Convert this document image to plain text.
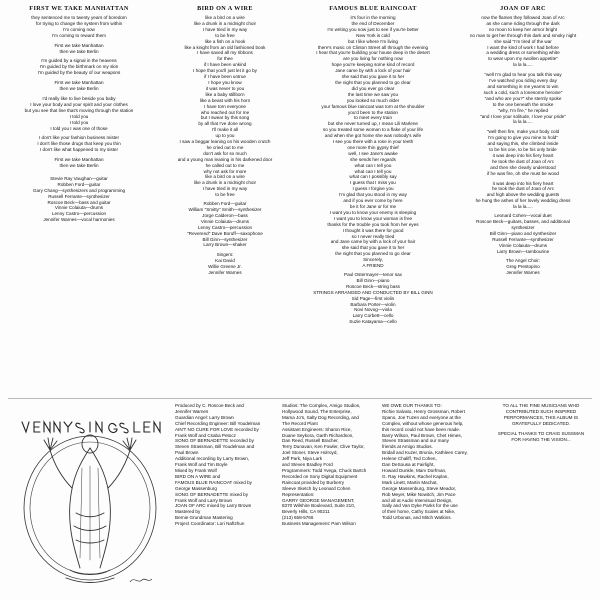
FIRST WE TAKE MANHATTAN
they sentenced me to twenty years of boredom
for trying to change the system from within
I'm coming now
I'm coming to reward them
First we take Manhattan
then we take Berlin
I'm guided by a signal in the heavens
I'm guided by the birthmark on my skin
I'm guided by the beauty of our weapons
First we take Manhattan
then we take Berlin
I'd really like to live beside you baby
I love your body and your spirit and your clothes
but you see that line that's moving through the station
I told you
I told you
I told you I was one of those
I don't like your fashion business mister
I don't like those drugs that keep you thin
I don't like what happened to my sister
First we take Manhattan
then we take Berlin
Stevie Ray Vaughan—guitar
Robben Ford—guitar
Gary Chang—synthesizers and programming
Russell Ferrante—synthesizer
Roscoe Beck—bass and guitar
Vinnie Colaiuta—drums
Lenny Castro—percussion
Jennifer Warnes—vocal harmonies
BIRD ON A WIRE
like a bird on a wire
like a drunk in a midnight choir
I have tried in my way
to be free
like a fish on a hook
like a knight from an old fashioned book
I have saved all my ribbons
for thee
if I have been unkind
I hope that you'll just let it go by
if I have been untrue
I hope you know
it was never to you
like a baby stillborn
like a beast with his horn
I have torn everyone
who reached out for me
but I swear by this song
by all that I've done wrong
I'll make it all
up to you
I saw a beggar leaning on his wooden crutch
he cried out to me
don't ask for so much
and a young man leaning in his darkened door
he called out to me
why not ask for more
like a bird on a wire
like a drunk in a midnight choir
I have tried in my way
to be free
Robben Ford—guitar
William "Smitty" Smith—synthesizer
Jorge Calderon—bass
Vinnie Colaiuta—drums
Lenny Castro—percussion
"Reverend" Dave Boruff—saxophone
Bill Ginn—synthesizer
Larry Brown—shaker
Singers:
Kai David
Willie Greene Jr.
Jennifer Warnes
FAMOUS BLUE RAINCOAT
it's four in the morning
the end of December
I'm writing you now just to see if you're better
New York is cold
but I like where I'm living
there's music on Clinton Street all through the evening
I hear that you're building your house deep in the desert
are you living for nothing now
hope you're keeping some kind of record
Jane came by with a lock of your hair
she said that you gave it to her
the night that you planned to go clear
did you ever go clear
the last time we saw you
you looked so much older
your famous blue raincoat was torn at the shoulder
you'd been to the station
to meet every train
but she never turned up, I mean Lili Marlene
so you treated some woman to a flake of your life
and when she got home she was nobody's wife
I see you there with a rose in your teeth
one more thin gypsy thief
well, I see Jane's awake
she sends her regards
what can I tell you
what can I tell you
what can I possibly say
I guess that I miss you
I guess I forgive you
I'm glad that you stood in my way
and if you ever come by here
be it for Jane or for me
I want you to know your enemy is sleeping
I want you to know your woman is free
thanks for the trouble you took from her eyes
I thought it was there for good
so I never really tried
and Jane came by with a lock of your hair
she said that you gave it to her
the night that you planned to go clear
Sincerely,
A FRIEND
Paul Ostermayer—tenor sax
Bill Ginn—piano
Roscoe Beck—string bass
STRINGS ARRANGED AND CONDUCTED BY BILL GINN
Sid Page—first violin
Barbara Porter—violin
Novi Novog—viola
Larry Corbett—cello
Suzie Katayama—cello
JOAN OF ARC
now the flames they followed Joan of Arc
as she came riding through the dark
no moon to keep her armor bright
no man to get her through this dark and smoky night
she said "I'm tired of the war
I want the kind of work I had before
a wedding dress or something white
to wear upon my swollen appetite"
la la la.....
"well I'm glad to hear you talk this way
I've watched you riding every day
and something in me yearns to win
such a cold, such a lonesome heroine"
"and who are you?" she sternly spoke
to the one beneath the smoke
"why, I'm fire," he replied
"and I love your solitude, I love your pride"
la la la.....
"well then fire, make your body cold
I'm going to give you mine to hold"
and saying this, she climbed inside
to be his one, to be his only bride
it was deep into his fiery heart
he took the dust of Joan of Arc
and then she clearly understood
if he was fire, oh she must be wood
it was deep into his fiery heart
he took the dust of Joan of Arc
and high above the wedding guests
he hung the ashes of her lovely wedding dress
la la la.....
Leonard Cohen—vocal duet
Roscoe Beck—guitars, basses, and additional
synthesizer
Bill Ginn—piano and synthesizer
Russell Ferrante—synthesizer
Vinnie Colaiuta—drums
Larry Brown—tambourine
The Angel Choir:
Greg Prestopino
Jennifer Warnes
Produced by C. Roscoe Beck and
Jennifer Warnes
Guardian Angel: Larry Brown
Chief Recording Engineer: Bill Youdelman
AIN'T NO CURE FOR LOVE recorded by
Frank Wolf and Csaba Petocz
SONG OF BERNADETTE recorded by
Steven Strassman, Bill Youdelman and
Paul Brown
Additional recording by Larry Brown,
Frank Wolf and Tim Boyle
Mixed by Frank Wolf
BIRD ON A WIRE and
FAMOUS BLUE RAINCOAT mixed by
George Massenburg
SONG OF BERNADETTE mixed by
Frank Wolf and Larry Brown
JOAN OF ARC mixed by Larry Brown
Mastered by
Bernie Grundman Mastering
Project Coordinator: Lori Naftzhun
Studios: The Complex, Amigo Studios,
Hollywood Sound, The Enterprise,
Mama Jo's, Salty Dog Recording, and
The Record Plant
Assistant Engineers: Sharon Rice,
Duane Seykora, Garth Richardson,
Dan Reed, Russell Bracher,
Terry Dunavan, Ken Fowler, Clive Taylor,
Joel Stoner, Steve Holroyd,
Jeff Park, Niya Lark
and Steven Bradley Ford
Programmers: Todd Yvega, Chuck Bartch
Recorded on Sony Digital Equipment
Raincoat provided by Burberry
Sleeve Sketch by Leonard Cohen
Representation:
GARRY GEORGE MANAGEMENT,
8370 Wilshire Boulevard, Suite 210,
Beverly Hills, CA 90211
(213) 658-5766
Business Management: Pam Wilson
WE OWE OUR THANKS TO:
Richie Salvato, Henry Grossman, Robert
Spano, Joe Tuzen and everyone at the
Complex, without whose generous help,
this record could not have been made.
Barry Wilson, Paul Brown, Chet Himes,
Steven Strassman and our many
friends at Amigo Studios.
Bridall and Kuzer, Brunia, Kathleen Carey,
Helene Chaliff, Ted Cohen,
Dan DeSousa at Fairlight,
Howard Dunkle, Marv Dorfman,
G. Ray Hawkins, Rachel Kaplan,
Mark Linett, Martin Machat,
George Massenburg, Steve Meador,
Rob Meyer, Mike Nowitch, Jim Pace
and all at Audio Intervisual Design,
Sally and Van Dyke Parks for the use
of their home, Cathy Scales at Nike,
Todd Urbonas, and Mitch Watkins.
TO ALL THE FINE MUSICIANS WHO
CONTRIBUTED SUCH INSPIRED
PERFORMANCES, THIS ALBUM IS
GRATEFULLY DEDICATED.
SPECIAL THANKS TO CRAIG SUSSMAN
FOR HAVING THE VISION...
